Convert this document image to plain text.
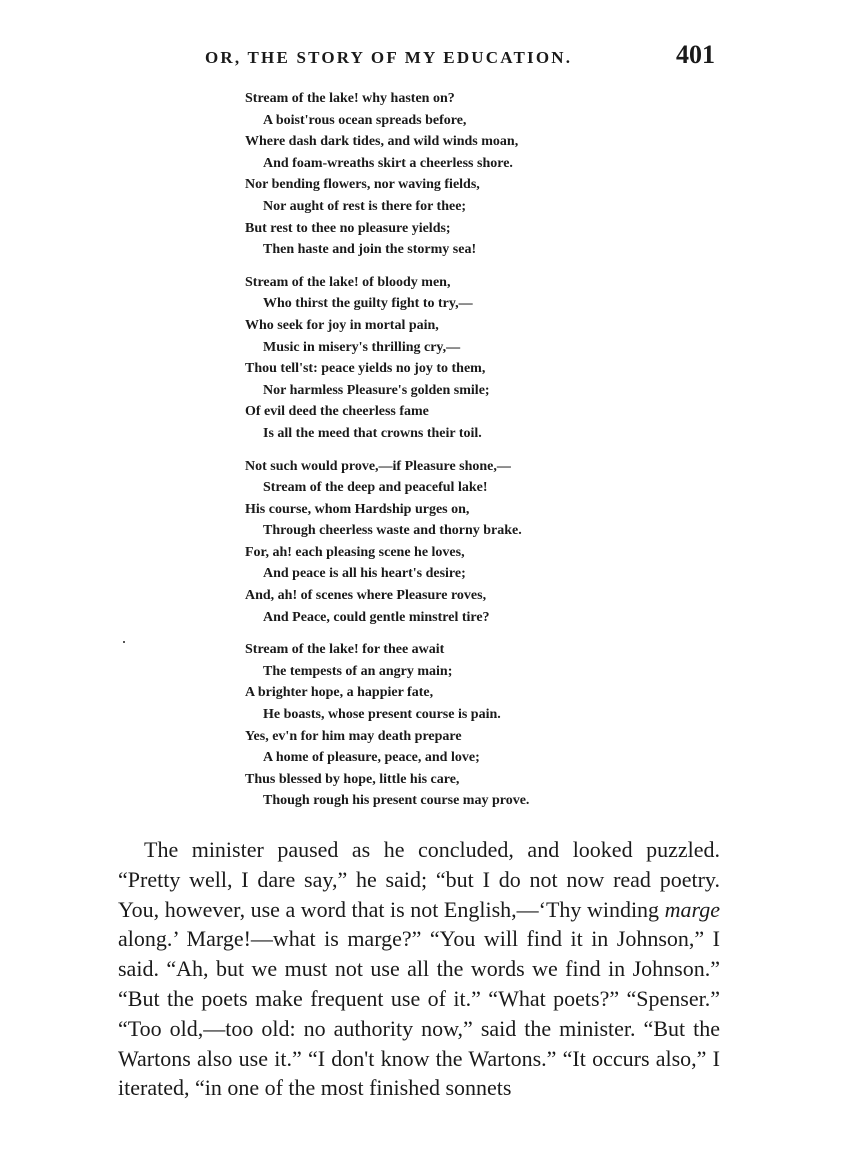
OR, THE STORY OF MY EDUCATION.	401
Stream of the lake! why hasten on?
A boist'rous ocean spreads before,
Where dash dark tides, and wild winds moan,
And foam-wreaths skirt a cheerless shore.
Nor bending flowers, nor waving fields,
Nor aught of rest is there for thee;
But rest to thee no pleasure yields;
Then haste and join the stormy sea!
Stream of the lake! of bloody men,
Who thirst the guilty fight to try,—
Who seek for joy in mortal pain,
Music in misery's thrilling cry,—
Thou tell'st: peace yields no joy to them,
Nor harmless Pleasure's golden smile;
Of evil deed the cheerless fame
Is all the meed that crowns their toil.
Not such would prove,—if Pleasure shone,—
Stream of the deep and peaceful lake!
His course, whom Hardship urges on,
Through cheerless waste and thorny brake.
For, ah! each pleasing scene he loves,
And peace is all his heart's desire;
And, ah! of scenes where Pleasure roves,
And Peace, could gentle minstrel tire?
Stream of the lake! for thee await
The tempests of an angry main;
A brighter hope, a happier fate,
He boasts, whose present course is pain.
Yes, ev'n for him may death prepare
A home of pleasure, peace, and love;
Thus blessed by hope, little his care,
Though rough his present course may prove.

The minister paused as he concluded, and looked puzzled. “Pretty well, I dare say,” he said; “but I do not now read poetry. You, however, use a word that is not English,—‘Thy winding marge along.’ Marge!—what is marge?” “You will find it in Johnson,” I said. “Ah, but we must not use all the words we find in Johnson.” “But the poets make frequent use of it.” “What poets?” “Spenser.” “Too old,—too old: no authority now,” said the minister. “But the Wartons also use it.” “I don't know the Wartons.” “It occurs also,” I iterated, “in one of the most finished sonnets
